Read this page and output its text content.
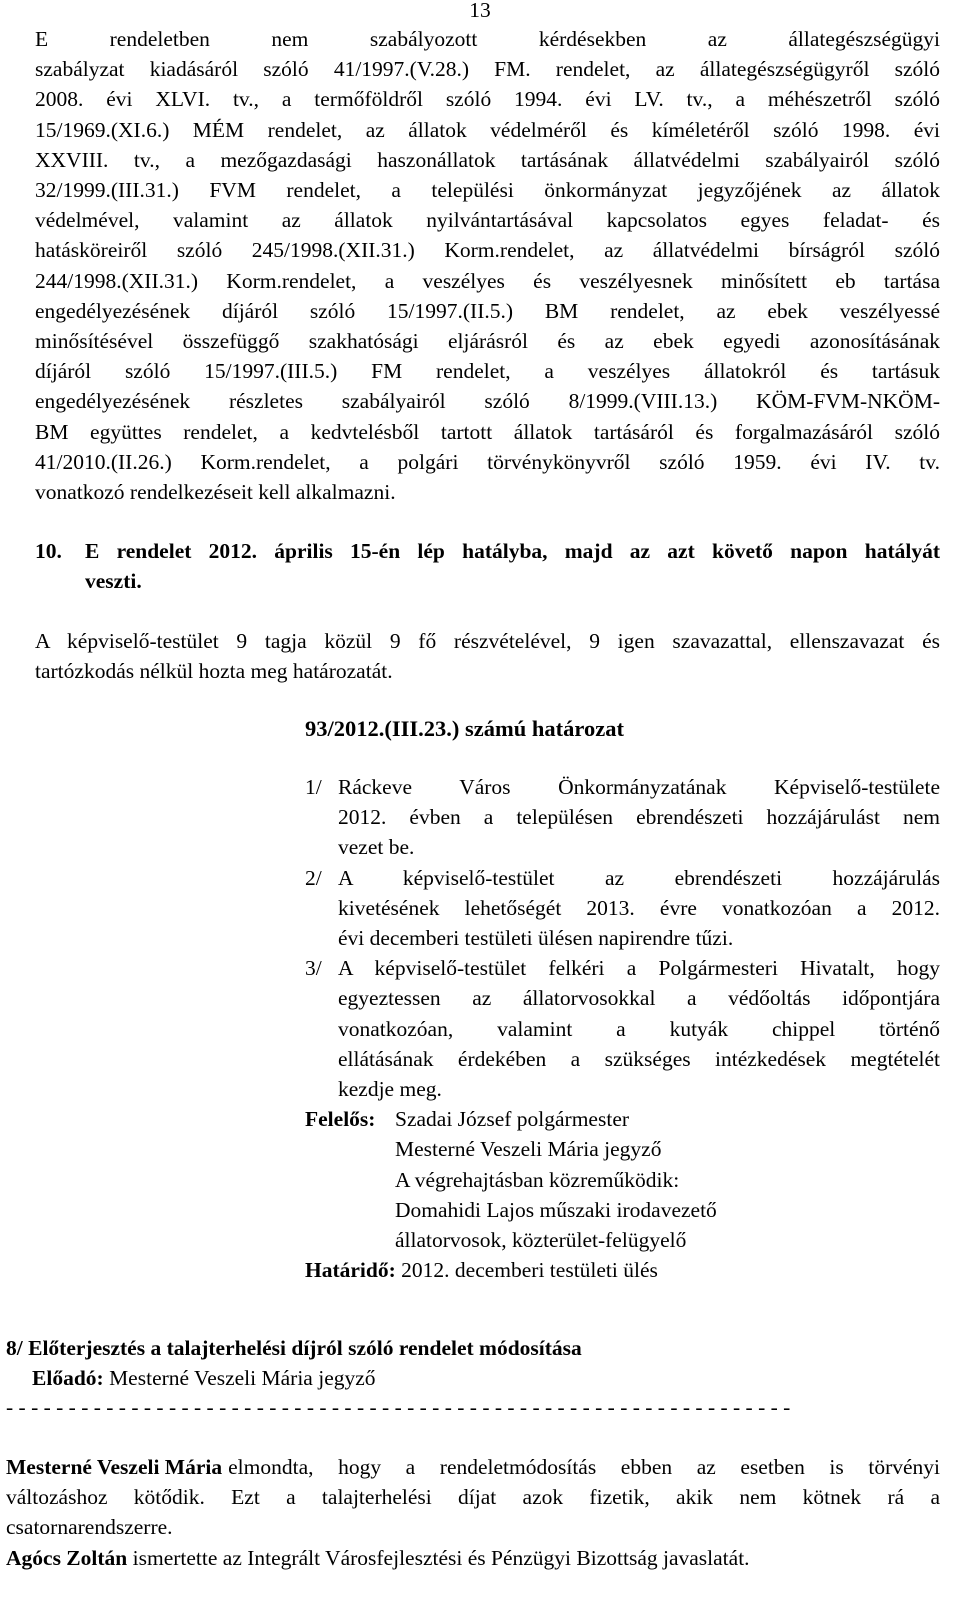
13
E rendeletben nem szabályozott kérdésekben az állategészségügyi
szabályzat kiadásáról szóló 41/1997.(V.28.) FM. rendelet, az állategészségügyről szóló
2008. évi XLVI. tv., a termőföldről szóló 1994. évi LV. tv., a méhészetről szóló
15/1969.(XI.6.) MÉM rendelet, az állatok védelméről és kíméletéről szóló 1998. évi
XXVIII. tv., a mezőgazdasági haszonállatok tartásának állatvédelmi szabályairól szóló
32/1999.(III.31.) FVM rendelet, a települési önkormányzat jegyzőjének az állatok
védelmével, valamint az állatok nyilvántartásával kapcsolatos egyes feladat- és
hatásköreiről szóló 245/1998.(XII.31.) Korm.rendelet, az állatvédelmi bírságról szóló
244/1998.(XII.31.) Korm.rendelet, a veszélyes és veszélyesnek minősített eb tartása
engedélyezésének díjáról szóló 15/1997.(II.5.) BM rendelet, az ebek veszélyessé
minősítésével összefüggő szakhatósági eljárásról és az ebek egyedi azonosításának
díjáról szóló 15/1997.(III.5.) FM rendelet, a veszélyes állatokról és tartásuk
engedélyezésének részletes szabályairól szóló 8/1999.(VIII.13.) KÖM-FVM-NKÖM-
BM együttes rendelet, a kedvtelésből tartott állatok tartásáról és forgalmazásáról szóló
41/2010.(II.26.) Korm.rendelet, a polgári törvénykönyvről szóló 1959. évi IV. tv.
vonatkozó rendelkezéseit kell alkalmazni.
10.	E rendelet 2012. április 15-én lép hatályba, majd az azt követő napon hatályát
veszti.
A képviselő-testület 9 tagja közül 9 fő részvételével, 9 igen szavazattal, ellenszavazat és
tartózkodás nélkül hozta meg határozatát.
93/2012.(III.23.) számú határozat
1/ Ráckeve Város Önkormányzatának Képviselő-testülete
2012. évben a településen ebrendészeti hozzájárulást nem
vezet be.
2/ A képviselő-testület az ebrendészeti hozzájárulás
kivetésének lehetőségét 2013. évre vonatkozóan a 2012.
évi decemberi testületi ülésen napirendre tűzi.
3/ A képviselő-testület felkéri a Polgármesteri Hivatalt, hogy
egyeztessen az állatorvosokkal a védőoltás időpontjára
vonatkozóan, valamint a kutyák chippel történő
ellátásának érdekében a szükséges intézkedések megtételét
kezdje meg.
Felelős: Szadai József polgármester
Mesterné Veszeli Mária jegyző
A végrehajtásban közreműködik:
Domahidi Lajos műszaki irodavezető
állatorvosok, közterület-felügyelő
Határidő: 2012. decemberi testületi ülés
8/ Előterjesztés a talajterhelési díjról szóló rendelet módosítása
Előadó: Mesterné Veszeli Mária jegyző
- - - - - - - - - - - - - - - - - - - - - - - - - - - - - - - - - - - - - - - - - - - - - - - - - - - - - - - - - - - - - - -
Mesterné Veszeli Mária elmondta, hogy a rendeletmódosítás ebben az esetben is törvényi
változáshoz kötődik. Ezt a talajterhelési díjat azok fizetik, akik nem kötnek rá a
csatornarendszerre.
Agócs Zoltán ismertette az Integrált Városfejlesztési és Pénzügyi Bizottság javaslatát.
